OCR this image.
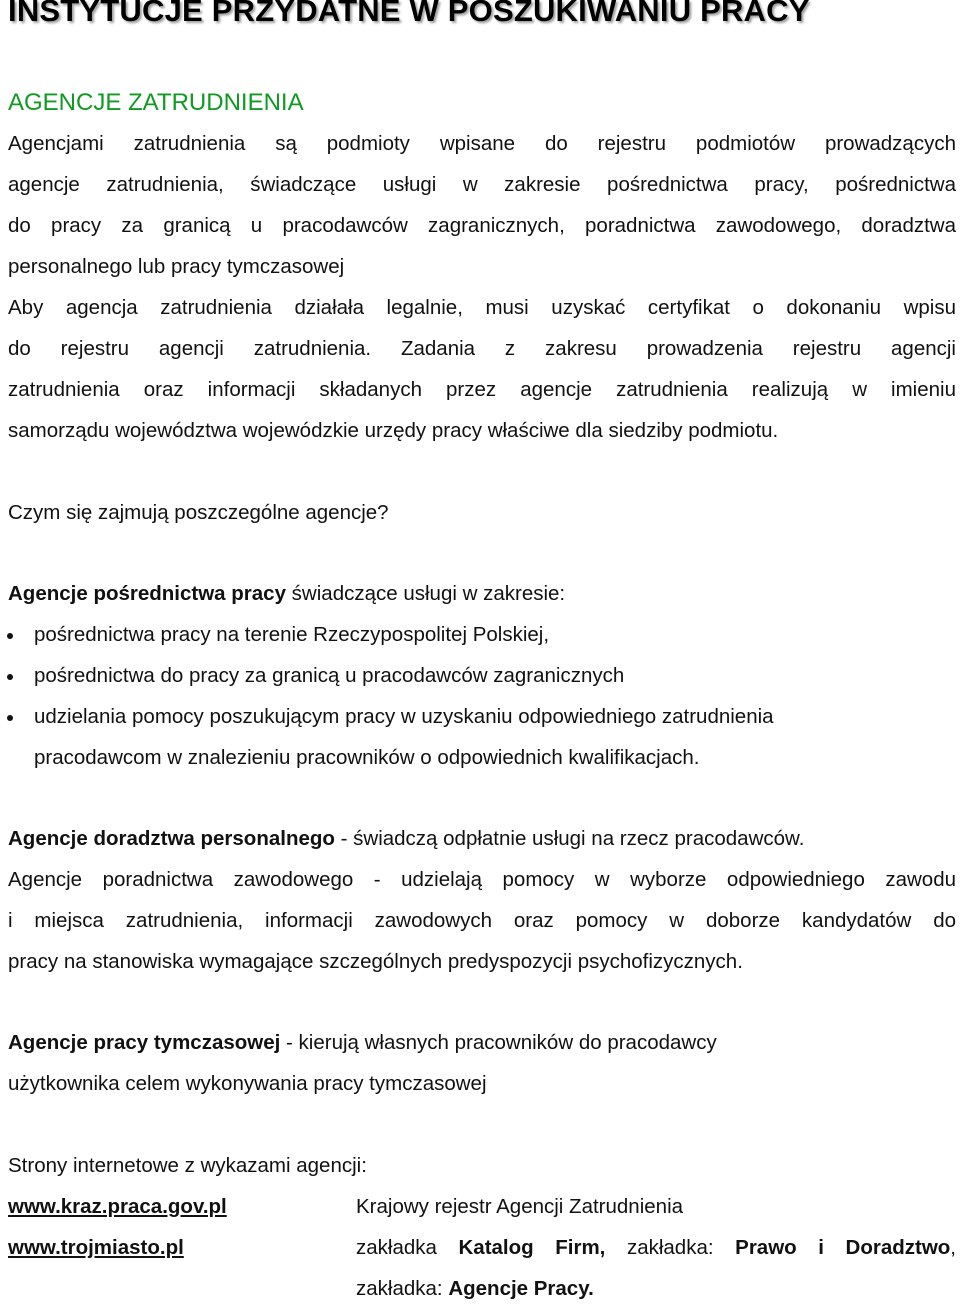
INSTYTUCJE PRZYDATNE W POSZUKIWANIU PRACY
AGENCJE ZATRUDNIENIA
Agencjami zatrudnienia są podmioty wpisane do rejestru podmiotów prowadzących
agencje zatrudnienia, świadczące usługi w zakresie pośrednictwa pracy, pośrednictwa
do pracy za granicą u pracodawców zagranicznych, poradnictwa zawodowego, doradztwa
personalnego lub pracy tymczasowej
Aby agencja zatrudnienia działała legalnie, musi uzyskać certyfikat o dokonaniu wpisu
do rejestru agencji zatrudnienia. Zadania z zakresu prowadzenia rejestru agencji
zatrudnienia oraz informacji składanych przez agencje zatrudnienia realizują w imieniu
samorządu województwa wojewódzkie urzędy pracy właściwe dla siedziby podmiotu.
Czym się zajmują poszczególne agencje?
Agencje pośrednictwa pracy świadczące usługi w zakresie:
pośrednictwa pracy na terenie Rzeczypospolitej Polskiej,
pośrednictwa do pracy za granicą u pracodawców zagranicznych
udzielania pomocy poszukującym pracy w uzyskaniu odpowiedniego zatrudnienia
pracodawcom w znalezieniu pracowników o odpowiednich kwalifikacjach.
Agencje doradztwa personalnego - świadczą odpłatnie usługi na rzecz pracodawców.
Agencje poradnictwa zawodowego - udzielają pomocy w wyborze odpowiedniego zawodu
i miejsca zatrudnienia, informacji zawodowych oraz pomocy w doborze kandydatów do
pracy na stanowiska wymagające szczególnych predyspozycji psychofizycznych.
Agencje pracy tymczasowej - kierują własnych pracowników do pracodawcy
użytkownika celem wykonywania pracy tymczasowej
Strony internetowe z wykazami agencji:
www.kraz.praca.gov.pl	Krajowy rejestr Agencji Zatrudnienia
www.trojmiasto.pl	zakładka Katalog Firm, zakładka: Prawo i Doradztwo,
zakładka: Agencje Pracy.
